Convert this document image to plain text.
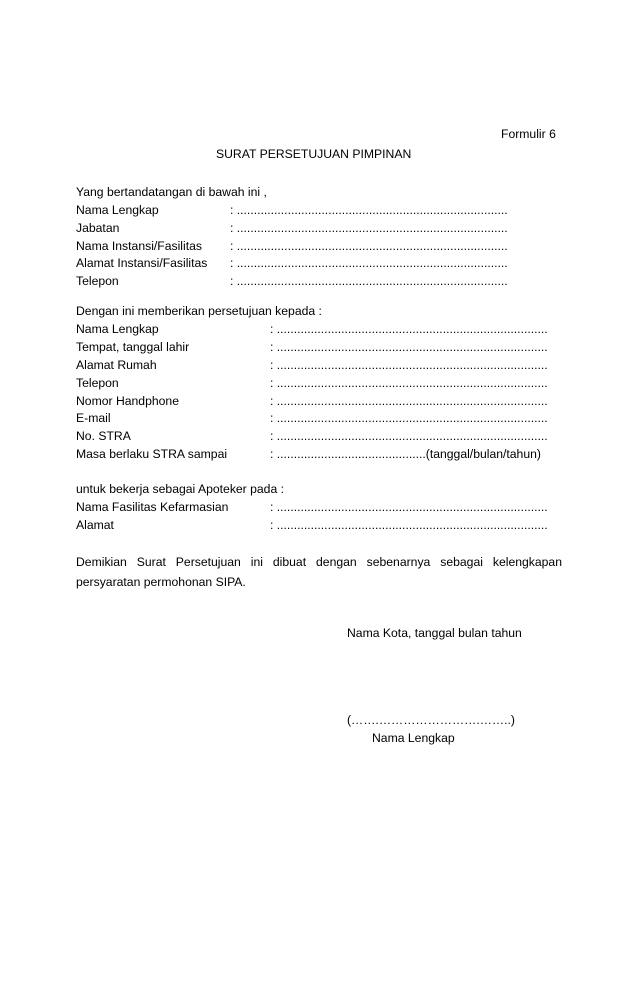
Formulir 6
SURAT PERSETUJUAN PIMPINAN
Yang bertandatangan di bawah ini ,
Nama Lengkap	: ................................................................................
Jabatan	: ................................................................................
Nama Instansi/Fasilitas : ................................................................................
Alamat Instansi/Fasilitas : ................................................................................
Telepon	: ................................................................................
Dengan ini memberikan persetujuan kepada :
Nama Lengkap	: ................................................................................
Tempat, tanggal lahir	: ................................................................................
Alamat Rumah	: ................................................................................
Telepon	: ................................................................................
Nomor Handphone	: ................................................................................
E-mail	: ................................................................................
No. STRA	: ................................................................................
Masa berlaku STRA sampai	: ............................................(tanggal/bulan/tahun)
untuk bekerja sebagai Apoteker pada :
Nama Fasilitas Kefarmasian	: ................................................................................
Alamat	: ................................................................................
Demikian Surat Persetujuan ini dibuat dengan sebenarnya sebagai kelengkapan persyaratan permohonan SIPA.
Nama Kota, tanggal bulan tahun
(…….…………………….……..)
Nama Lengkap
